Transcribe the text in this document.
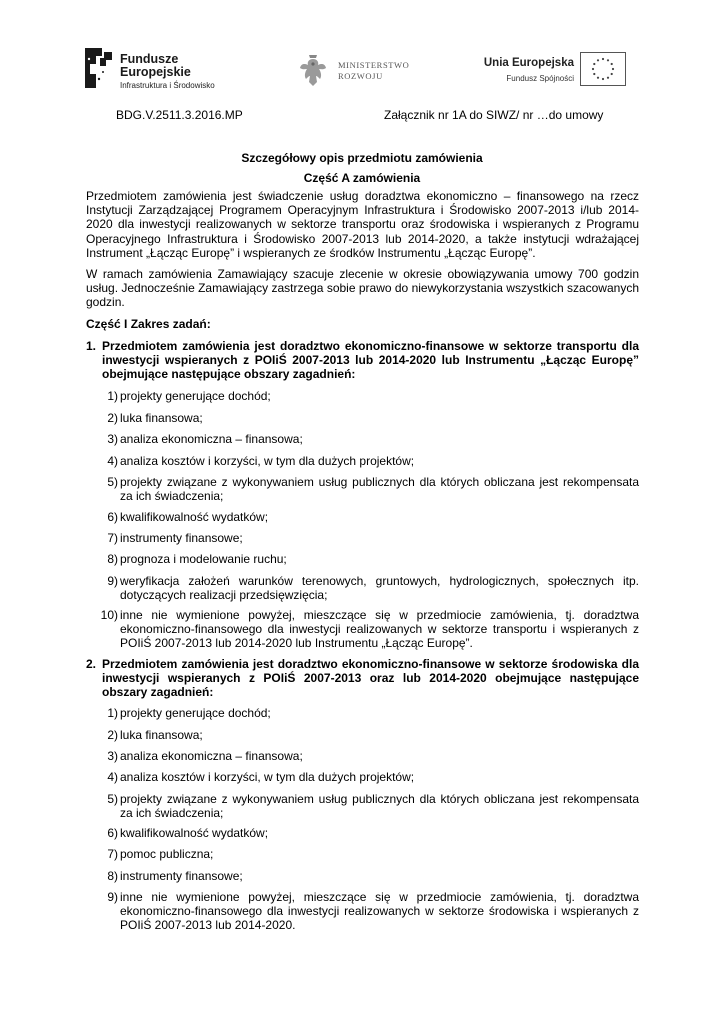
Fundusze
Europejskie
Infrastruktura i Środowisko
MINISTERSTWO
ROZWOJU
Unia Europejska
Fundusz Spójności
BDG.V.2511.3.2016.MP	Załącznik nr 1A do SIWZ/ nr …do umowy
Szczegółowy opis przedmiotu zamówienia
Część A zamówienia
Przedmiotem zamówienia jest świadczenie usług doradztwa ekonomiczno – finansowego na rzecz Instytucji Zarządzającej Programem Operacyjnym Infrastruktura i Środowisko 2007-2013 i/lub 2014-2020 dla inwestycji realizowanych w sektorze transportu oraz środowiska i wspieranych z Programu Operacyjnego Infrastruktura i Środowisko 2007-2013 lub 2014-2020, a także instytucji wdrażającej Instrument „Łącząc Europę” i wspieranych ze środków Instrumentu „Łącząc Europę”.
W ramach zamówienia Zamawiający szacuje zlecenie w okresie obowiązywania umowy 700 godzin usług. Jednocześnie Zamawiający zastrzega sobie prawo do niewykorzystania wszystkich szacowanych godzin.
Część I Zakres zadań:
1. Przedmiotem zamówienia jest doradztwo ekonomiczno-finansowe w sektorze transportu dla inwestycji wspieranych z POIiŚ 2007-2013 lub 2014-2020 lub Instrumentu „Łącząc Europę” obejmujące następujące obszary zagadnień:
1) projekty generujące dochód;
2) luka finansowa;
3) analiza ekonomiczna – finansowa;
4) analiza kosztów i korzyści, w tym dla dużych projektów;
5) projekty związane z wykonywaniem usług publicznych dla których obliczana jest rekompensata za ich świadczenia;
6) kwalifikowalność wydatków;
7) instrumenty finansowe;
8) prognoza i modelowanie ruchu;
9) weryfikacja założeń warunków terenowych, gruntowych, hydrologicznych, społecznych itp. dotyczących realizacji przedsięwzięcia;
10) inne nie wymienione powyżej, mieszczące się w przedmiocie zamówienia, tj. doradztwa ekonomiczno-finansowego dla inwestycji realizowanych w sektorze transportu i wspieranych z POIiŚ 2007-2013 lub 2014-2020 lub Instrumentu „Łącząc Europę”.
2. Przedmiotem zamówienia jest doradztwo ekonomiczno-finansowe w sektorze środowiska dla inwestycji wspieranych z POIiŚ 2007-2013 oraz lub 2014-2020 obejmujące następujące obszary zagadnień:
1) projekty generujące dochód;
2) luka finansowa;
3) analiza ekonomiczna – finansowa;
4) analiza kosztów i korzyści, w tym dla dużych projektów;
5) projekty związane z wykonywaniem usług publicznych dla których obliczana jest rekompensata za ich świadczenia;
6) kwalifikowalność wydatków;
7) pomoc publiczna;
8) instrumenty finansowe;
9) inne nie wymienione powyżej, mieszczące się w przedmiocie zamówienia, tj. doradztwa ekonomiczno-finansowego dla inwestycji realizowanych w sektorze środowiska i wspieranych z POIiŚ 2007-2013 lub 2014-2020.
